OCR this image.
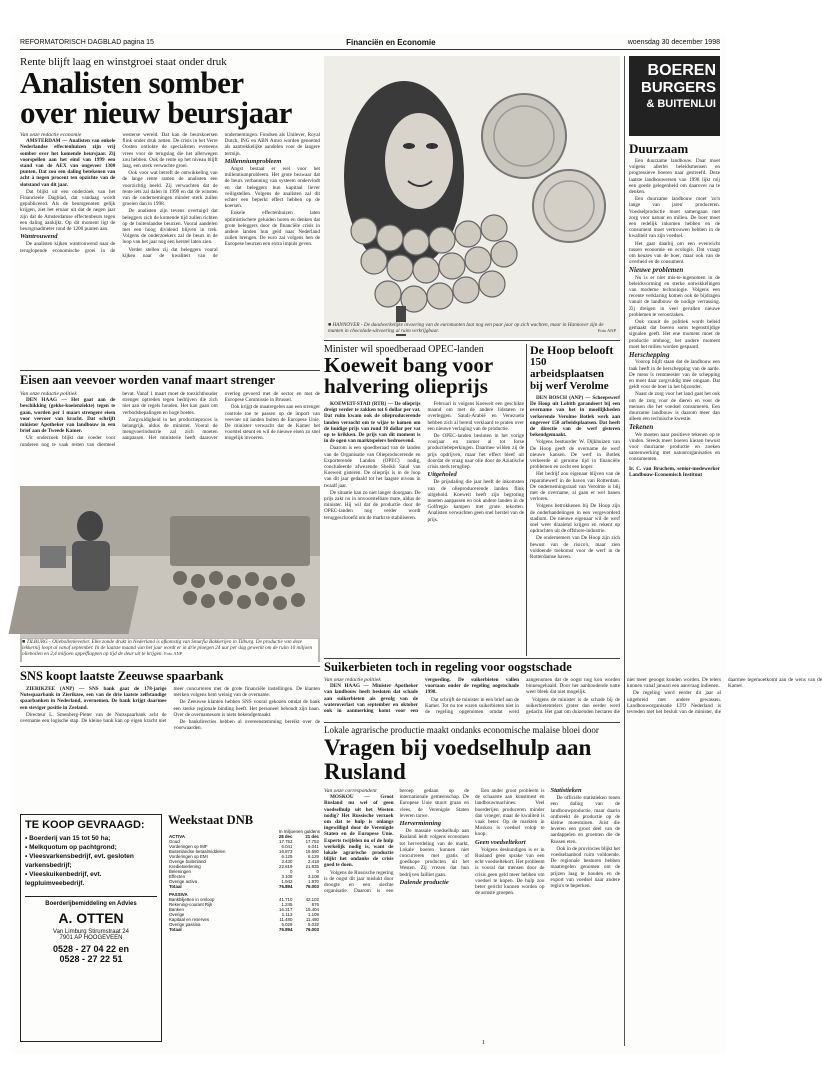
REFORMATORISCH DAGBLAD pagina 15	Financiën en Economie	woensdag 30 december 1998
Rente blijft laag en winstgroei staat onder druk
Analisten somber
over nieuw beursjaar
Van onze redactie economie

AMSTERDAM — Analisten van enkele Nederlandse effectenhuizen zijn vrij somber over het komende beursjaar. Zij voorspellen aan het eind van 1999 een stand van de AEX van ongeveer 1300 punten. Dat zou een daling betekenen van acht à negen procent ten opzichte van de slotstand van dit jaar.

Dat blijkt uit een onderzoek van het Financieele Dagblad, dat vandaag wordt gepubliceerd. Als de beursgenoten gelijk krijgen, ziet het ernaar uit dat de negen jaar zijn dat de Amsterdamse effectenbeurs tegen een daling aankijkt. Op dit moment ligt de beursgraadmeter rond de 1200 punten aan.

Wantrouwend

De analisten kijken wantrouwend naar de teruglopende economische groei in de westerse wereld. Dat kan de beurskoersen flink onder druk zetten. De crisis in het Verre Oosten ontlokte de specialisten eveneens vrees voor de terugslag die het allerwegen zou hebben. Ook de rente op het niveau blijft laag, een sterk verwachte groei.

Ook voor wat betreft de ontwikkeling van de lange rente ramen de analisten een voorzichtig beeld. Zij verwachten dat de rente iets zal dalen in 1999 en dat de winsten van de ondernemingen minder sterk zullen groeien dan in 1998.

De analisten zijn tevens overtuigd dat beleggers zich de komende tijd zullen richten op de buitenlandse beurzen. Vooral aandelen met een hoog dividend blijven in trek. Volgens de onderzoekers zal de beurs in de loop van het jaar nog een herstel laten zien.

Verder stellen zij dat beleggers vooral kijken naar de kwaliteit van de ondernemingen. Fondsen als Unilever, Royal Dutch, ING en ABN Amro worden genoemd als aantrekkelijke aandelen voor de langere termijn.

Millenniumprobleem

Angst bestaat er wel voor het millenniumprobleem. Het grote bezwaar dat de beurs verbanning van systeem ondervindt en dat beleggers hun kapitaal liever veiligstellen. Volgens de analisten zal dit echter een beperkt effect hebben op de koersen.

Enkele effectenhuizen laten optimistischere geluiden horen en denken dat grote beleggers door de financiële crisis in andere landen hun geld naar Nederland zullen brengen. De euro zal volgens hen de Europese beurzen een extra impuls geven.

■ HANNOVER - De daadwerkelijke invoering van de euromunten laat nog een paar jaar op zich wachten, maar in Hannover zijn de munten in chocolade-uitvoering al ruim verkrijgbaar.	Foto ANP
BOEREN
BURGERS
& BUITENLUI
Duurzaam

Een duurzame landbouw. Daar moet volgens allerlei beleidsmensen en progressieve boeren naar gestreefd. Deze laatste landbouwersen van 1998 lijkt mij een goede gelegenheid om daarover na te denken.

Een duurzame landbouw moet 'zo'n lange van jaren' produceren. Voedselproductie moet samengaan met zorg voor natuur en milieu. De boer moet een redelijk inkomen hebben en de consument moet vertrouwen hebben in de kwaliteit van zijn voedsel.

Het gaat daarbij om een evenwicht tussen economie en ecologie. Dat vraagt om keuzes van de boer, maar ook van de overheid en de consument.

Nieuwe problemen

Nu is er niet mis-te-ingenomen in de beleidsvorming en sterke ontwikkelingen van moderne technologie. Volgens een recente verklaring komen ook de bijdragen vanuit de landbouw de nodige verrassing. Zij dreigen in veel gevallen nieuwe problemen te veroorzaken.

Ook vanuit de politiek wordt beleid gemaakt dat boeren soms tegenstrijdige signalen geeft. Het ene moment moet de productie omhoog, het andere moment moet het milieu worden gespaard.

Herschepping

Voorop blijft staan dat de landbouw een taak heeft in de herschepping van de aarde. De mens is rentmeester van de schepping en moet daar zorgvuldig mee omgaan. Dat geldt voor de boer in het bijzonder.

Naast de zorg voor het land gaat het ook om de zorg voor de dieren en voor de mensen die het voedsel consumeren. Een duurzame landbouw is daarom meer dan alleen een technische kwestie.

Tekenen

We moeten naar positieve tekenen op te vinden. Steeds meer boeren kiezen bewust voor duurzame productie en zoeken samenwerking met natuurorganisaties en consumenten.

Ir. C. van Bruchem, senior-medewerker Landbouw-Economisch Instituut

Eisen aan veevoer worden vanaf maart strenger
Van onze redactie politiek

DEN HAAG — Het gaat aan de beschikking (gekke-koeienziekte) tegen te gaan, worden per 1 maart strengere eisen voor veevoer van kracht. Dat schrijft minister Apotheker van landbouw in een brief aan de Tweede Kamer.

Uit onderzoek blijkt dat voeder voor runderen nog te vaak resten van diermeel bevat. Vanaf 1 maart moet de toezichthouder strenger optreden tegen bedrijven die zich niet aan de regels houden. Het kan gaan om verbodsbepalingen en hoge boetes.

Zorgvuldigheid in het productieproces is belangrijk, aldus de minister. Vooral de mengvoerindustrie zal zich moeten aanpassen. Het ministerie heeft daarover overleg gevoerd met de sector en met de Europese Commissie in Brussel.

Ook krijgt de maatregelen aan een strenger controle toe te passen op de import van veevoer uit landen buiten de Europese Unie. De minister verwacht dat de Kamer het voorstel steunt en wil de nieuwe eisen zo snel mogelijk invoeren.

■ TILBURG - Oliebollenlevetier. Elke zonde drukt in Nederland is afkomstig van Smurfia Bakkerijen in Tilburg. De productie van deze lekkernij loopt al vanaf september. In de laatste maand van het jaar wordt er in drie ploegen 24 uur per dag gewerkt om de ruim 10 miljoen oliebollen en 2,4 miljoen appelflappen op tijd de deur uit te krijgen. Foto ANP
Minister wil spoedberaad OPEC-landen
Koeweit bang voor
halvering olieprijs

KOEWEIT-STAD (RTR) — De olieprijs dreigt verder te zakken tot 6 dollar per vat. Dat ruim kwam ook de olieproducerende landen verzocht om te wijze te komen om de huidige prijs van rond 10 dollar per vat op te krikken. De prijs van dit moment is in de ogen van marktspelers bedroevend.

Daarom is een spoedberaad van de landen van de Organisatie van Olieproducerende en Exporterende Landen (OPEC) nodig, concludeerde afwezende Sheikh Saud van Koeweit gisteren. De olieprijs is in de loop van dit jaar gedaald tot het laagste niveau in twaalf jaar.

De situatie kan zo niet langer doorgaan. De prijs zakt nu in onvoorstelbare mate, aldus de minister. Hij wil dat de productie door de OPEC-landen nog verder wordt teruggeschroefd om de markt te stabiliseren.

Februari is volgens Koeweit een geschikte maand om met de andere lidstaten te overleggen. Saudi-Arabië en Venezuela hebben zich al bereid verklaard te praten over een nieuwe verlaging van de productie.

De OPEC-landen besloten in het vorige voorjaar en zomer al tot forse productiebeperkingen. Daarmee wilden zij de prijs opdrijven, maar het effect bleef uit doordat de vraag naar olie door de Aziatische crisis sterk terugliep.

Uitgeholed

De prijsdaling die jaar heeft de inkomsten van de olieproducerende landen flink uitgehold. Koeweit heeft zijn begroting moeten aanpassen en ook andere landen in de Golfregio kampen met grote tekorten. Analisten verwachten geen snel herstel van de prijs.

De Hoop belooft
150 arbeidsplaatsen
bij werf Verolme

DEN BOSCH (ANP) — Scheepswerf De Hoop uit Lobith garandeert bij een overname van het in moeilijkheden verkerende Verolme Botlek werk aan ongeveer 150 arbeidsplaatsen. Dat heeft de directie van de werf gisteren bekendgemaakt.

Volgens bestuurder W. Dijkhuizen van De Hoop geeft de overname de werf nieuwe kansen. De werf in Botlek verkeerde al geruime tijd in financiële problemen en zocht een koper.

Het bedrijf zou eigenaar blijven van de reparatiewerf in de haven van Rotterdam. De ondernemingsraad van Verolme is blij met de overname, al gaan er wel banen verloren.

Volgens betrokkenen bij De Hoop zijn de onderhandelingen in een vergevorderd stadium. De nieuwe eigenaar wil de werf snel weer draaiend krijgen en rekent op opdrachten uit de offshore-industrie.

De ondernemers van De Hoop zijn zich bewust van de risico's, maar zien voldoende toekomst voor de werf in de Rotterdamse haven.

Suikerbieten toch in regeling voor oogstschade
Van onze redactie politiek

DEN HAAG — Minister Apotheker van landbouw heeft besloten dat schade aan suikerbieten als gevolg van de wateroverlast van september en oktober ook in aanmerking komt voor een vergoeding. De suikerbieten vallen voortaan onder de regeling oogstschade 1998.

Dat schrijft de minister in een brief aan de Kamer. Tot nu toe waren suikerbieten niet in de regeling opgenomen omdat werd aangenomen dat de oogst nog kon worden binnengehaald. Door het aanhoudende natte weer bleek dat niet mogelijk.

Volgens de minister is de schade bij de suikerbietentelers groter dan eerder werd gedacht. Het gaat om duizenden hectares die niet meer geoogst konden worden. De telers kunnen vanaf januari een aanvraag indienen.

De regeling werd eerder dit jaar al uitgebreid met andere gewassen. Landbouworganisatie LTO Nederland is tevreden met het besluit van de minister, die daarmee tegemoetkomt aan de wens van de Kamer.

SNS koopt laatste Zeeuwse spaarbank

ZIERIKZEE (ANP) — SNS bank gaat de 178-jarige Nutsspaarbank in Zierikzee, een van de drie laatste zelfstandige spaarbanken in Nederland, overnemen. De bank krijgt daarmee een steviger positie in Zeeland.

Directeur L. Smenberg-Pieter van de Nutsspaarbank acht de overname een logische stap. De kleine bank kan op eigen kracht niet meer concurreren met de grote financiële instellingen. De klanten merken volgens hem weinig van de overname.

De Zeeuwse klanten hebben SNS vooral gekozen omdat de bank een sterke regionale binding heeft. Het personeel behoudt zijn baan. Over de overnamesom is niets bekendgemaakt.

De bankdirecties hebben al overeenstemming bereikt over de voorwaarden.

TE KOOP GEVRAAGD:
• Boerderij van 15 tot 50 ha;
• Melkquotum op pachtgrond;
• Vleesvarkensbedrijf, evt. gesloten varkensbedrijf;
• Vleeskuikenbedrijf, evt. legpluimveebedrijf.
Boerderijbemiddeling en Advies
A. OTTEN
Van Limburg Stirumstraat 24
7901 AP HOOGEVEEN
0528 - 27 04 22 en
0528 - 27 22 51
Weekstaat DNB
In miljoenen guldens
ACTIVA	28 dec	21 dec
Goud	17.752	17.752
Vorderingen op IMF	6.041	6.041
Buitenlandse betaalmiddelen	16.873	16.650
Vorderingen op EMI	6.129	6.129
Overige buitenland	2.430	2.418
Kredietverlening	22.619	21.935
Beleningen	0	0
Effecten	3.108	3.108
Overige activa	1.942	1.970
Totaal	76.894	76.003
PASSIVA		
Bankbiljetten in omloop	41.710	42.102
Rekening-courant Rijk	1.245	876
Banken	16.317	15.404
Overige	1.113	1.109
Kapitaal en reserves	11.480	11.480
Overige passiva	5.029	5.032
Totaal	76.894	76.003
Lokale agrarische productie maakt ondanks economische malaise bloei door
Vragen bij voedselhulp aan Rusland
Van onze correspondent

MOSKOU — Groot Rusland nu wel of geen voedselhulp uit het Westen nodig? Het Russische verzoek om dat te hulp is onlangs ingewilligd door de Verenigde Staten en de Europese Unie. Experts twijfelen nu of de hulp werkelijk nodig is, want de lokale agrarische productie blijkt het ondanks de crisis goed te doen.

Volgens de Russische regering is de oogst dit jaar mislukt door droogte en een slechte organisatie. Daarom is een beroep gedaan op de internationale gemeenschap. De Europese Unie stuurt graan en vlees, de Verenigde Staten leveren tarwe.

Herverminning

De massale voedselhulp aan Rusland leidt volgens economen tot herverdeling van de markt. Lokale boeren kunnen niet concurreren met gratis of goedkope producten uit het Westen. Zij vrezen dat hun bedrijven failliet gaan.

Dalende productie

Een ander groot probleem is de schaarste aan kunstmest en landbouwmachines. Veel boerderijen produceren minder dan vroeger, maar de kwaliteit is vaak beter. Op de markten in Moskou is voedsel volop te koop.

Geen voedseltekort

Volgens deskundigen is er in Rusland geen sprake van een echt voedseltekort. Het probleem is vooral dat mensen door de crisis geen geld meer hebben om voedsel te kopen. De hulp zou beter gericht kunnen worden op de armste groepen.

Statistieken

De officiële statistieken tonen een daling van de landbouwproductie, maar daarin ontbreekt de productie op de kleine moestuinen. Juist die leveren een groot deel van de aardappelen en groenten die de Russen eten.

Ook in de provincies blijkt het voedselaanbod ruim voldoende. De regionale besturen hebben maatregelen genomen om de prijzen laag te houden en de export van voedsel naar andere regio's te beperken.

1
